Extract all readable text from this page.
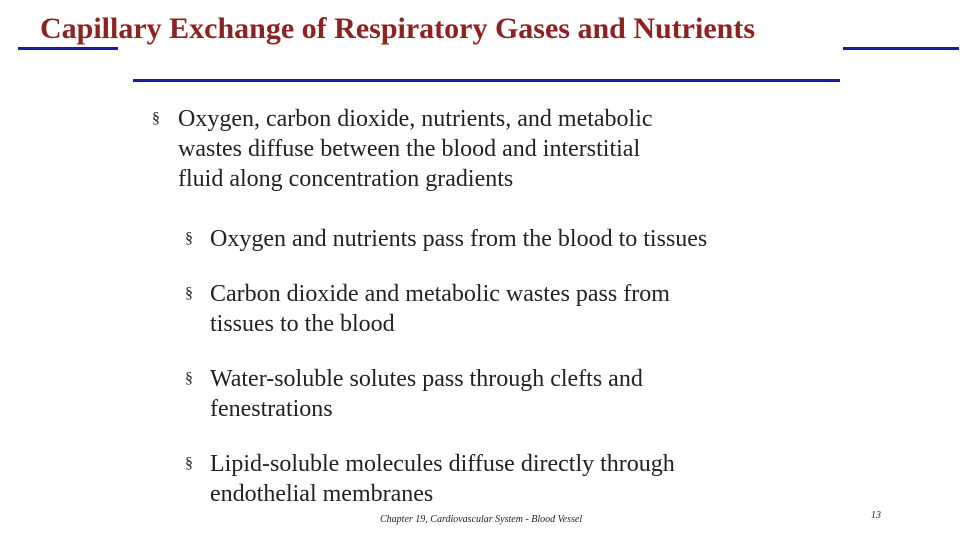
Capillary Exchange of Respiratory Gases and Nutrients
§ Oxygen, carbon dioxide, nutrients, and metabolic
wastes diffuse between the blood and interstitial
fluid along concentration gradients
§ Oxygen and nutrients pass from the blood to tissues
§ Carbon dioxide and metabolic wastes pass from
tissues to the blood
§ Water-soluble solutes pass through clefts and
fenestrations
§ Lipid-soluble molecules diffuse directly through
endothelial membranes
Chapter 19, Cardiovascular System - Blood Vessel	13
